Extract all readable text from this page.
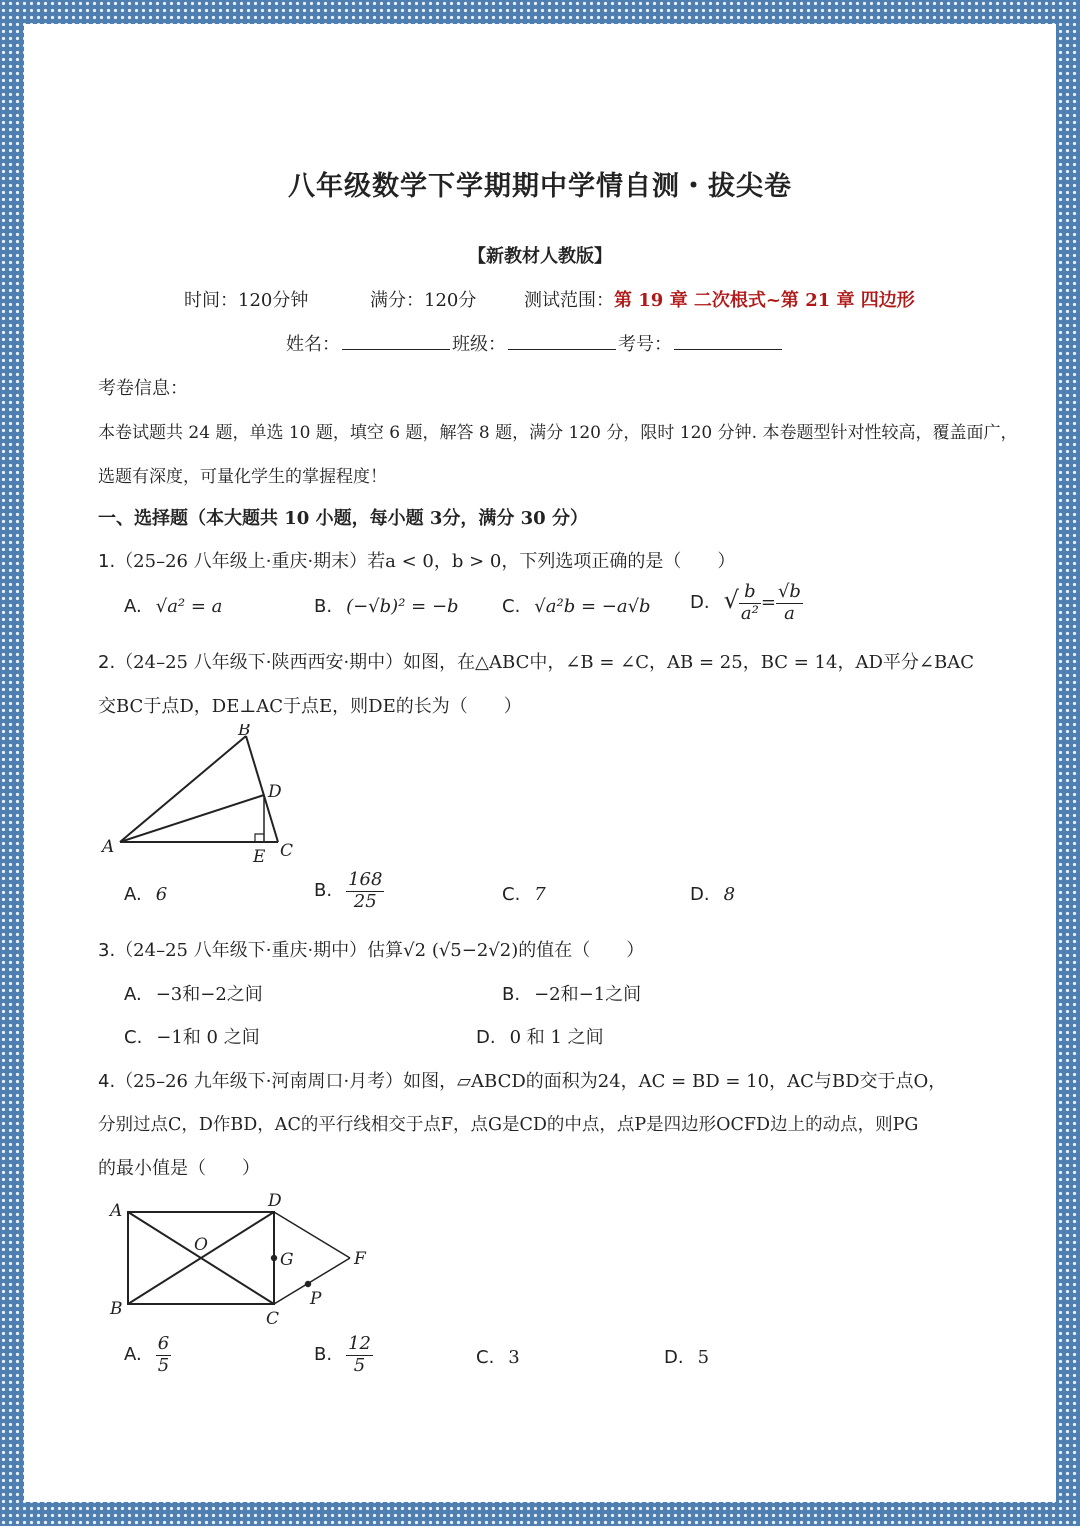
八年级数学下学期期中学情自测・拔尖卷
【新教材人教版】
时间：120分钟	满分：120分	测试范围：第 19 章 二次根式~第 21 章 四边形
姓名：	班级：	考号：
考卷信息：
本卷试题共 24 题，单选 10 题，填空 6 题，解答 8 题，满分 120 分，限时 120 分钟. 本卷题型针对性较高，覆盖面广，
选题有深度，可量化学生的掌握程度！
一、选择题（本大题共 10 小题，每小题 3分，满分 30 分）
1.（25–26 八年级上·重庆·期末）若a < 0，b > 0，下列选项正确的是（　　）
A. √a² = a	B. (−√b)² = −b C. √a²b = −a√b D. √ $\frac{b}{\text{a²}} = \frac{√b}{a}$
2.（24–25 八年级下·陕西西安·期中）如图，在△ABC中，∠B = ∠C，AB = 25，BC = 14，AD平分∠BAC
交BC于点D，DE⊥AC于点E，则DE的长为（　　）
B
D
A	E C
A. 6	B. $\frac{168}{25}$	C. 7	D. 8
3.（24–25 八年级下·重庆·期中）估算√2 (√5−2√2)的值在（　　）
A. −3和−2之间	B. −2和−1之间
C. −1和 0 之间	D. 0 和 1 之间
4.（25–26 九年级下·河南周口·月考）如图，▱ABCD的面积为24，AC = BD = 10，AC与BD交于点O，
分别过点C，D作BD，AC的平行线相交于点F，点G是CD的中点，点P是四边形OCFD边上的动点，则PG
的最小值是（　　）
A	D
O
G	F
P
B	C
A. $\frac{6}{5}$	B. $\frac{12}{5}$	C. 3	D. 5
